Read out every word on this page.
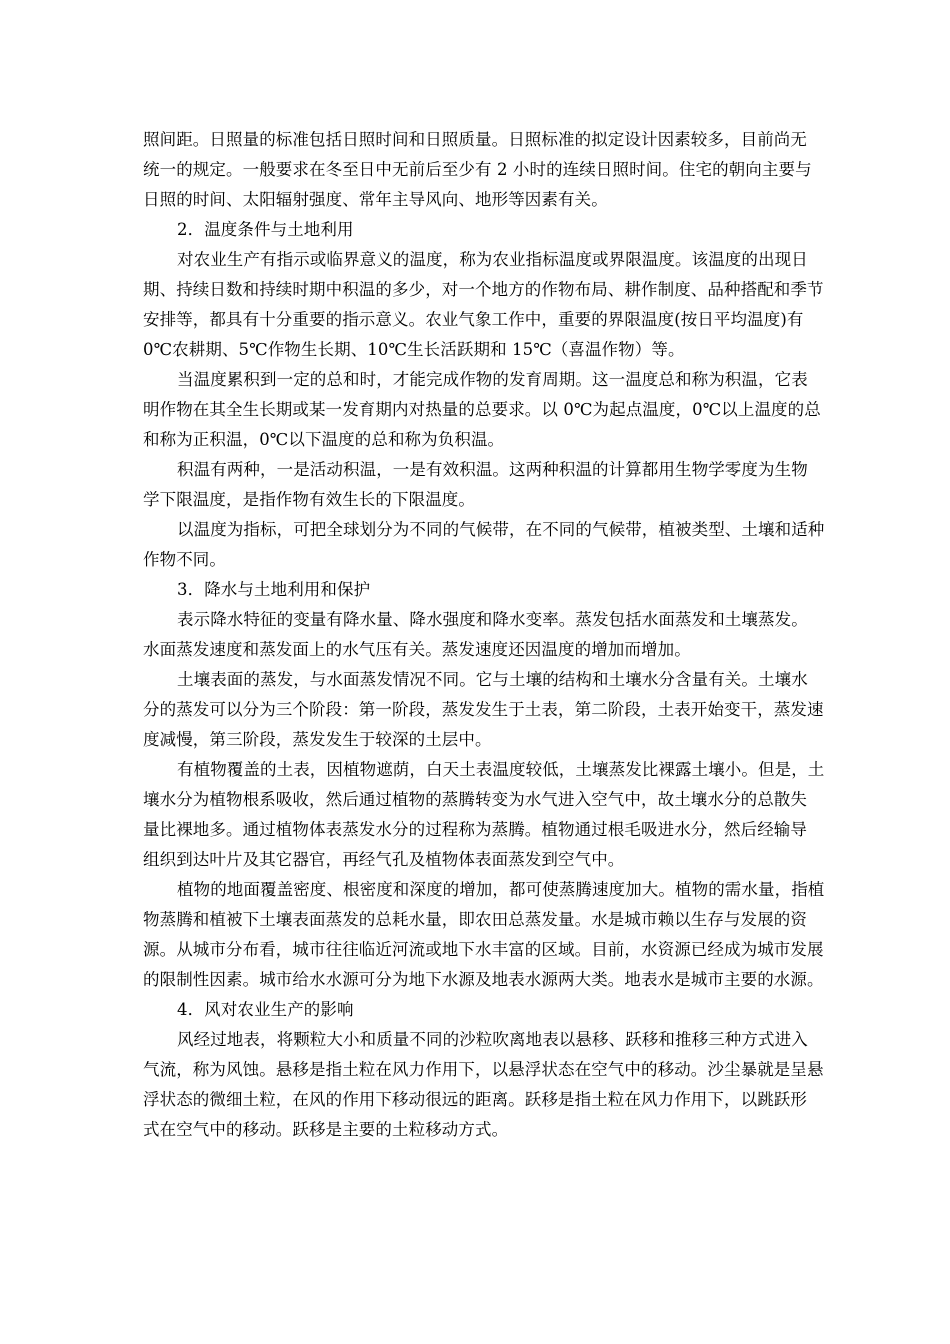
照间距。日照量的标准包括日照时间和日照质量。日照标准的拟定设计因素较多，目前尚无
统一的规定。一般要求在冬至日中无前后至少有 2 小时的连续日照时间。住宅的朝向主要与
日照的时间、太阳辐射强度、常年主导风向、地形等因素有关。
2．温度条件与土地利用
对农业生产有指示或临界意义的温度，称为农业指标温度或界限温度。该温度的出现日
期、持续日数和持续时期中积温的多少，对一个地方的作物布局、耕作制度、品种搭配和季节
安排等，都具有十分重要的指示意义。农业气象工作中，重要的界限温度(按日平均温度)有
0℃农耕期、5℃作物生长期、10℃生长活跃期和 15℃（喜温作物）等。
当温度累积到一定的总和时，才能完成作物的发育周期。这一温度总和称为积温，它表
明作物在其全生长期或某一发育期内对热量的总要求。以 0℃为起点温度，0℃以上温度的总
和称为正积温，0℃以下温度的总和称为负积温。
积温有两种，一是活动积温，一是有效积温。这两种积温的计算都用生物学零度为生物
学下限温度，是指作物有效生长的下限温度。
以温度为指标，可把全球划分为不同的气候带，在不同的气候带，植被类型、土壤和适种
作物不同。
3．降水与土地利用和保护
表示降水特征的变量有降水量、降水强度和降水变率。蒸发包括水面蒸发和土壤蒸发。
水面蒸发速度和蒸发面上的水气压有关。蒸发速度还因温度的增加而增加。
土壤表面的蒸发，与水面蒸发情况不同。它与土壤的结构和土壤水分含量有关。土壤水
分的蒸发可以分为三个阶段：第一阶段，蒸发发生于土表，第二阶段，土表开始变干，蒸发速
度减慢，第三阶段，蒸发发生于较深的土层中。
有植物覆盖的土表，因植物遮荫，白天土表温度较低，土壤蒸发比裸露土壤小。但是，土
壤水分为植物根系吸收，然后通过植物的蒸腾转变为水气进入空气中，故土壤水分的总散失
量比裸地多。通过植物体表蒸发水分的过程称为蒸腾。植物通过根毛吸进水分，然后经输导
组织到达叶片及其它器官，再经气孔及植物体表面蒸发到空气中。
植物的地面覆盖密度、根密度和深度的增加，都可使蒸腾速度加大。植物的需水量，指植
物蒸腾和植被下土壤表面蒸发的总耗水量，即农田总蒸发量。水是城市赖以生存与发展的资
源。从城市分布看，城市往往临近河流或地下水丰富的区域。目前，水资源已经成为城市发展
的限制性因素。城市给水水源可分为地下水源及地表水源两大类。地表水是城市主要的水源。
4．风对农业生产的影响
风经过地表，将颗粒大小和质量不同的沙粒吹离地表以悬移、跃移和推移三种方式进入
气流，称为风蚀。悬移是指土粒在风力作用下，以悬浮状态在空气中的移动。沙尘暴就是呈悬
浮状态的微细土粒，在风的作用下移动很远的距离。跃移是指土粒在风力作用下，以跳跃形
式在空气中的移动。跃移是主要的土粒移动方式。
